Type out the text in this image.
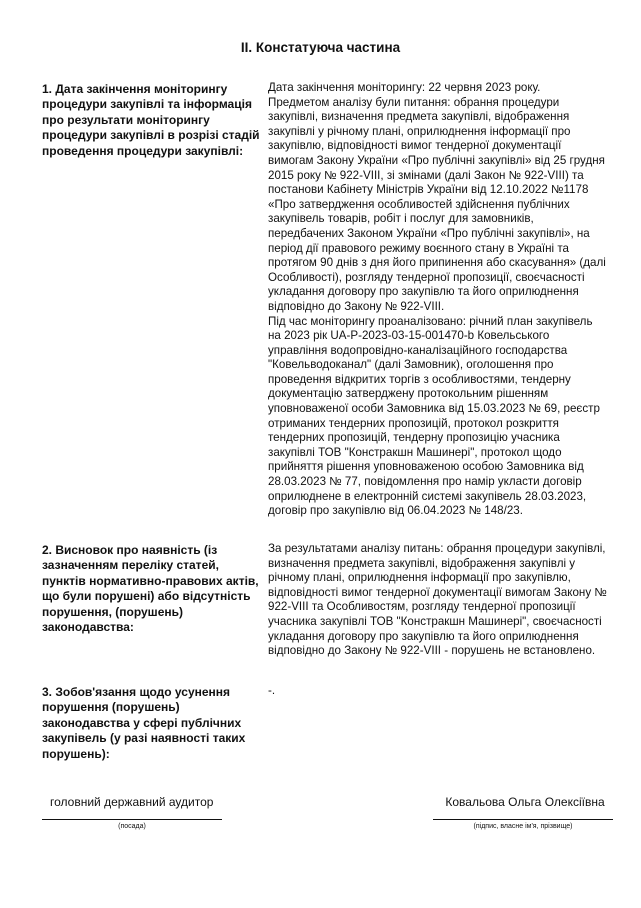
II. Констатуюча частина
1. Дата закінчення моніторингу процедури закупівлі та інформація про результати моніторингу процедури закупівлі в розрізі стадій проведення процедури закупівлі:
Дата закінчення моніторингу: 22 червня 2023 року.
Предметом аналізу були питання: обрання процедури закупівлі, визначення предмета закупівлі, відображення закупівлі у річному плані, оприлюднення інформації про закупівлю, відповідності вимог тендерної документації вимогам Закону України «Про публічні закупівлі» від 25 грудня 2015 року № 922-VIII, зі змінами (далі Закон № 922-VIII) та постанови Кабінету Міністрів України від 12.10.2022 №1178 «Про затвердження особливостей здійснення публічних закупівель товарів, робіт і послуг для замовників, передбачених Законом України «Про публічні закупівлі», на період дії правового режиму воєнного стану в Україні та протягом 90 днів з дня його припинення або скасування» (далі Особливості), розгляду тендерної пропозиції, своєчасності укладання договору про закупівлю та його оприлюднення відповідно до Закону № 922-VIII.
Під час моніторингу проаналізовано: річний план закупівель на 2023 рік UA-P-2023-03-15-001470-b Ковельського управління водопровідно-каналізаційного господарства "Ковельводоканал" (далі Замовник), оголошення про проведення відкритих торгів з особливостями, тендерну документацію затверджену протокольним рішенням уповноваженої особи Замовника від 15.03.2023 № 69, реєстр отриманих тендерних пропозицій, протокол розкриття тендерних пропозицій, тендерну пропозицію учасника закупівлі ТОВ "Констракшн Машинері", протокол щодо прийняття рішення уповноваженою особою Замовника від 28.03.2023 № 77, повідомлення про намір укласти договір оприлюднене в електронній системі закупівель 28.03.2023, договір про закупівлю від 06.04.2023 № 148/23.
2. Висновок про наявність (із зазначенням переліку статей, пунктів нормативно-правових актів, що були порушені) або відсутність порушення, (порушень) законодавства:
За результатами аналізу питань: обрання процедури закупівлі, визначення предмета закупівлі, відображення закупівлі у річному плані, оприлюднення інформації про закупівлю, відповідності вимог тендерної документації вимогам Закону № 922-VIII та Особливостям, розгляду тендерної пропозиції учасника закупівлі ТОВ "Констракшн Машинері", своєчасності укладання договору про закупівлю та його оприлюднення відповідно до Закону № 922-VIII - порушень не встановлено.
3. Зобов'язання щодо усунення порушення (порушень) законодавства у сфері публічних закупівель (у разі наявності таких порушень):
-.
головний державний аудитор	Ковальова Ольга Олексіївна
(посада)	(підпис, власне ім'я, прізвище)
